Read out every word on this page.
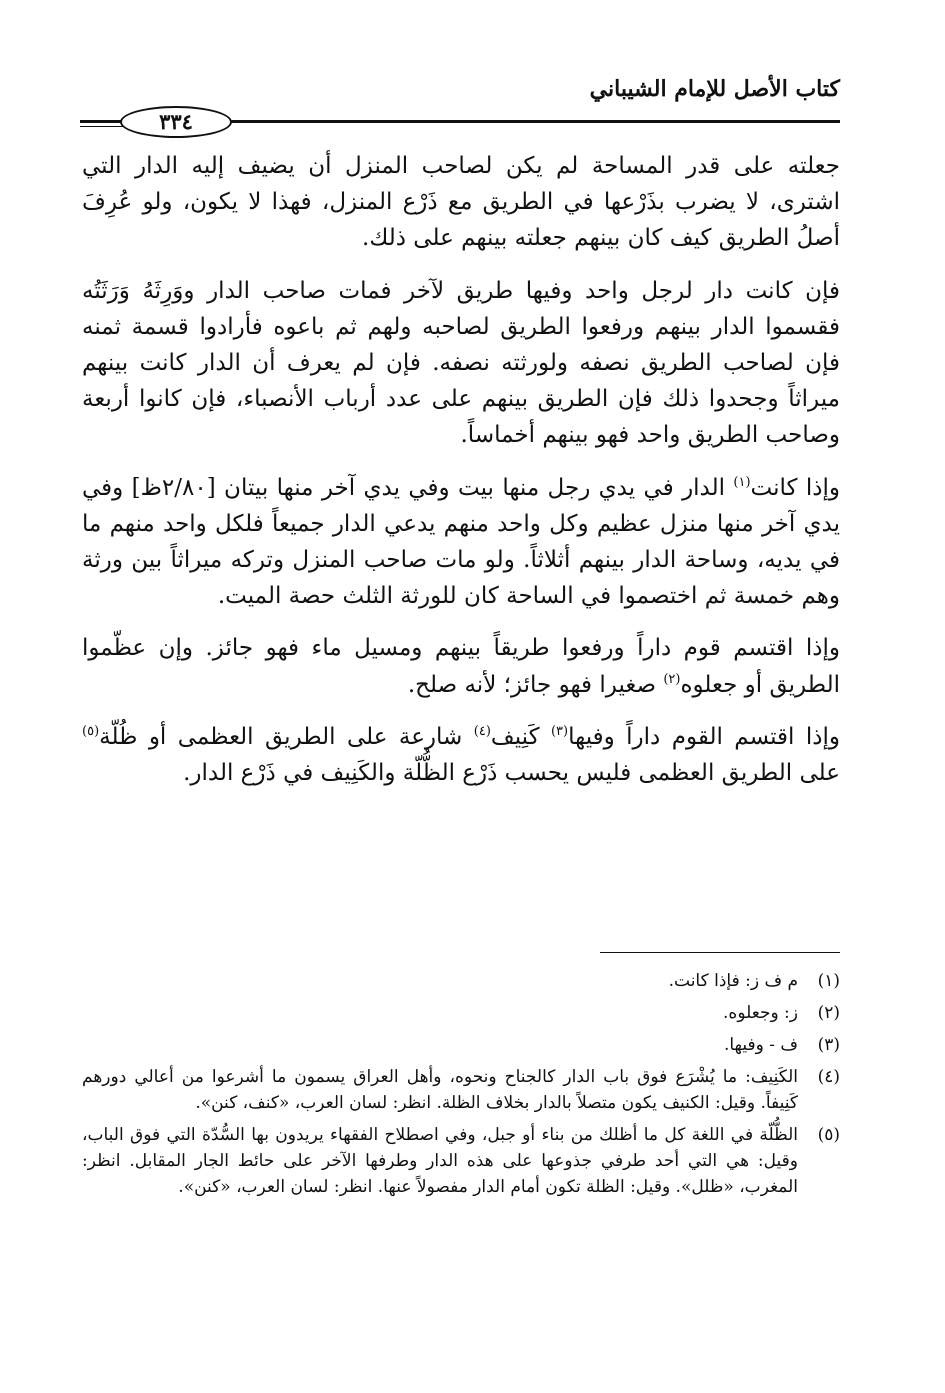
كتاب الأصل للإمام الشيباني
٣٣٤

جعلته على قدر المساحة لم يكن لصاحب المنزل أن يضيف إليه الدار التي اشترى، لا يضرب بذَرْعها في الطريق مع ذَرْع المنزل، فهذا لا يكون، ولو عُرِفَ أصلُ الطريق كيف كان بينهم جعلته بينهم على ذلك.

فإن كانت دار لرجل واحد وفيها طريق لآخر فمات صاحب الدار ووَرِثَهُ وَرَثَتُه فقسموا الدار بينهم ورفعوا الطريق لصاحبه ولهم ثم باعوه فأرادوا قسمة ثمنه فإن لصاحب الطريق نصفه ولورثته نصفه. فإن لم يعرف أن الدار كانت بينهم ميراثاً وجحدوا ذلك فإن الطريق بينهم على عدد أرباب الأنصباء، فإن كانوا أربعة وصاحب الطريق واحد فهو بينهم أخماساً.

وإذا كانت$^{(١)}$ الدار في يدي رجل منها بيت وفي يدي آخر منها بيتان [٢/٨٠ظ] وفي يدي آخر منها منزل عظيم وكل واحد منهم يدعي الدار جميعاً فلكل واحد منهم ما في يديه، وساحة الدار بينهم أثلاثاً. ولو مات صاحب المنزل وتركه ميراثاً بين ورثة وهم خمسة ثم اختصموا في الساحة كان للورثة الثلث حصة الميت.

وإذا اقتسم قوم داراً ورفعوا طريقاً بينهم ومسيل ماء فهو جائز. وإن عظّموا الطريق أو جعلوه$^{(٢)}$ صغيرا فهو جائز؛ لأنه صلح.

وإذا اقتسم القوم داراً وفيها$^{(٣)}$ كَنِيف$^{(٤)}$ شارعة على الطريق العظمى أو ظُلّة$^{(٥)}$ على الطريق العظمى فليس يحسب ذَرْع الظُّلّة والكَنِيف في ذَرْع الدار.

(١)
م ف ز: فإذا كانت.
(٢)
ز: وجعلوه.
(٣)
ف - وفيها.
(٤)
الكَنِيف: ما يُشْرَع فوق باب الدار كالجناح ونحوه، وأهل العراق يسمون ما أشرعوا من أعالي دورهم كَنِيفاً. وقيل: الكنيف يكون متصلاً بالدار بخلاف الظلة. انظر: لسان العرب، «كنف، كنن».
(٥)
الظُّلّة في اللغة كل ما أظلك من بناء أو جبل، وفي اصطلاح الفقهاء يريدون بها السُّدّة التي فوق الباب، وقيل: هي التي أحد طرفي جذوعها على هذه الدار وطرفها الآخر على حائط الجار المقابل. انظر: المغرب، «ظلل». وقيل: الظلة تكون أمام الدار مفصولاً عنها. انظر: لسان العرب، «كنن».
